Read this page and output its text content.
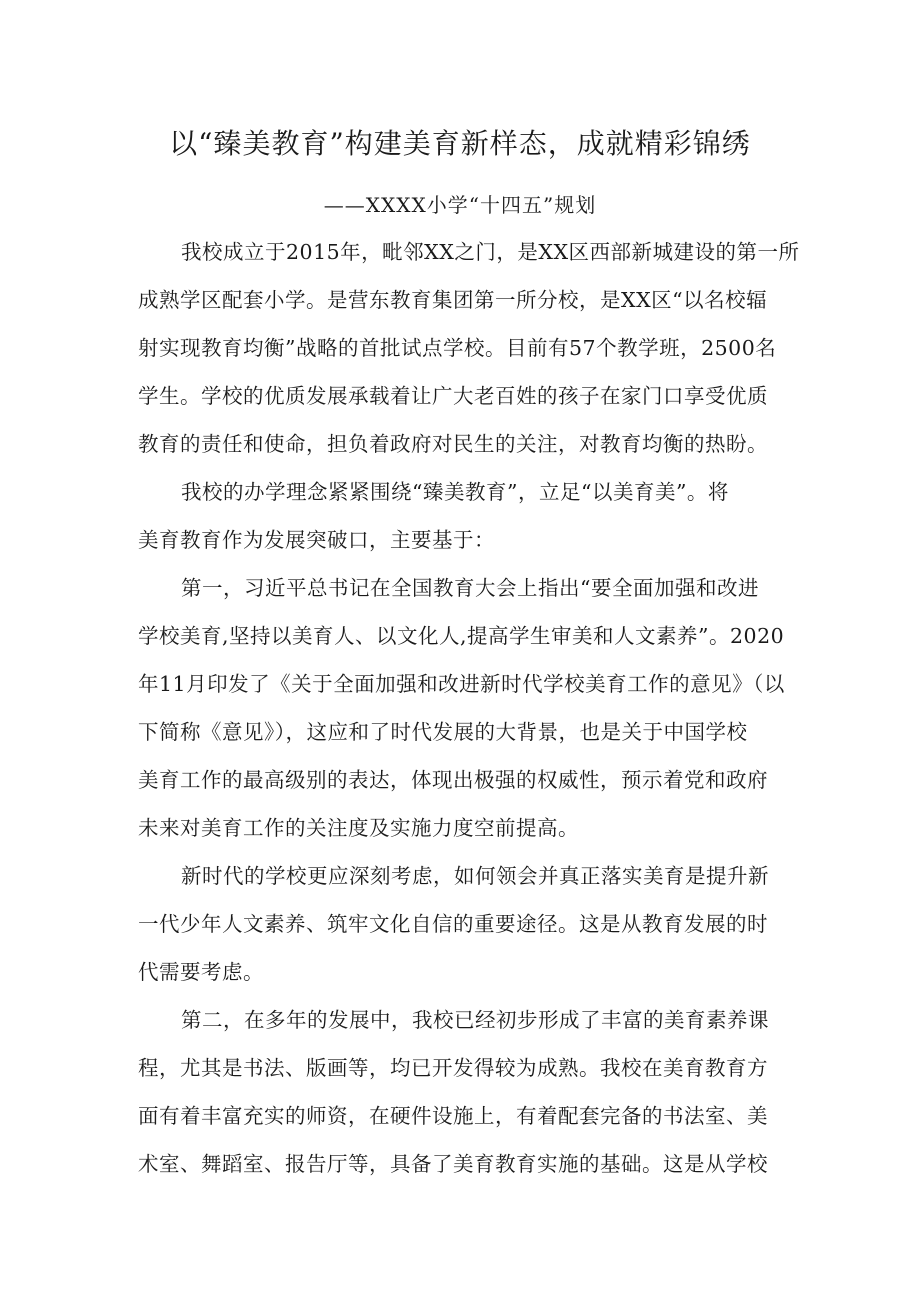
以“臻美教育”构建美育新样态，成就精彩锦绣
——XXXX小学“十四五”规划
我校成立于2015年，毗邻XX之门，是XX区西部新城建设的第一所
成熟学区配套小学。是营东教育集团第一所分校，是XX区“以名校辐
射实现教育均衡”战略的首批试点学校。目前有57个教学班，2500名
学生。学校的优质发展承载着让广大老百姓的孩子在家门口享受优质
教育的责任和使命，担负着政府对民生的关注，对教育均衡的热盼。
我校的办学理念紧紧围绕“臻美教育”，立足“以美育美”。将
美育教育作为发展突破口，主要基于：
第一，习近平总书记在全国教育大会上指出“要全面加强和改进
学校美育,坚持以美育人、以文化人,提高学生审美和人文素养”。2020
年11月印发了《关于全面加强和改进新时代学校美育工作的意见》（以
下简称《意见》），这应和了时代发展的大背景，也是关于中国学校
美育工作的最高级别的表达，体现出极强的权威性，预示着党和政府
未来对美育工作的关注度及实施力度空前提高。
新时代的学校更应深刻考虑，如何领会并真正落实美育是提升新
一代少年人文素养、筑牢文化自信的重要途径。这是从教育发展的时
代需要考虑。
第二，在多年的发展中，我校已经初步形成了丰富的美育素养课
程，尤其是书法、版画等，均已开发得较为成熟。我校在美育教育方
面有着丰富充实的师资，在硬件设施上，有着配套完备的书法室、美
术室、舞蹈室、报告厅等，具备了美育教育实施的基础。这是从学校
